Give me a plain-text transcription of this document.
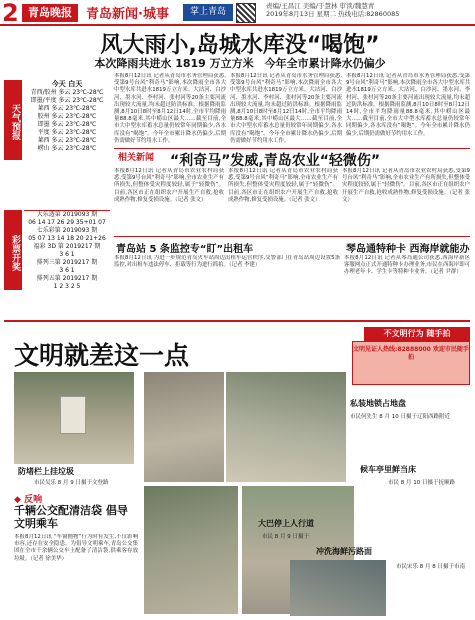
2 青岛晚报	青岛新闻·城事	掌上青岛
责编/王昌江 美编/于慧林 审读/魏慧青
2019年8月13日 星期二 热线电话:82860085
风大雨小,岛城水库没“喝饱”
本次降雨共进水 1819 万立方米　今年全市累计降水仍偏少
天气预报
今天 白天
青西/胶州 多云 23℃-28℃
即墨/平度 多云 23℃-28℃
莱西 多云 23℃-28℃
胶州 多云 23℃-28℃
即墨 多云 23℃-28℃
平度 多云 23℃-28℃
莱西 多云 23℃-28℃
崂山 多云 23℃-28℃
彩票开奖
大乐透第 2019093 期
06 14 17 26 29 35+01 07
七乐彩第 2019093 期
05 07 13 14 18 20 21+26
福彩 3D 第 2019217 期
3 6 1
排列三第 2019217 期
3 6 1
排列五第 2019217 期
1 2 3 2 5
本报8月12日讯 记者从青岛市水务管理局获悉,受第9号台风“利奇马”影响,本次降雨全市各大中型水库共进水1819万立方米。大沽河、白沙河、墨水河、李村河、张村河等20条主要河流出现较大流量,均未超过防洪标准。根据降雨监测,8月10日8时至8月12日14时,全市平均降雨量88.8毫米,其中崂山区最大……截至目前,全市大中型水库蓄水总量仍较常年同期偏少,各水库没有“喝饱”。今年全市累计降水仍偏少,后期仍需做好节约用水工作。
本报8月12日讯 记者从青岛市水务管理局获悉,受第9号台风“利奇马”影响,本次降雨全市各大中型水库共进水1819万立方米。大沽河、白沙河、墨水河、李村河、张村河等20条主要河流出现较大流量,均未超过防洪标准。根据降雨监测,8月10日8时至8月12日14时,全市平均降雨量88.8毫米,其中崂山区最大……截至目前,全市大中型水库蓄水总量仍较常年同期偏少,各水库没有“喝饱”。今年全市累计降水仍偏少,后期仍需做好节约用水工作。
本报8月12日讯 记者从青岛市水务管理局获悉,受第9号台风“利奇马”影响,本次降雨全市各大中型水库共进水1819万立方米。大沽河、白沙河、墨水河、李村河、张村河等20条主要河流出现较大流量,均未超过防洪标准。根据降雨监测,8月10日8时至8月12日14时,全市平均降雨量88.8毫米,其中崂山区最大……截至目前,全市大中型水库蓄水总量仍较常年同期偏少,各水库没有“喝饱”。今年全市累计降水仍偏少,后期仍需做好节约用水工作。
相关新闻 “利奇马”发威,青岛农业“轻微伤”
本报8月12日讯 记者从青岛市农业农村局获悉,受第9号台风“利奇马”影响,全市农业生产有所损失,但整体受灾程度较轻,属于“轻微伤”。目前,各区市正在组织农户开展生产自救,抢收成熟作物,修复受损设施。（记者 张文）
本报8月12日讯 记者从青岛市农业农村局获悉,受第9号台风“利奇马”影响,全市农业生产有所损失,但整体受灾程度较轻,属于“轻微伤”。目前,各区市正在组织农户开展生产自救,抢收成熟作物,修复受损设施。（记者 张文）
本报8月12日讯 记者从青岛市农业农村局获悉,受第9号台风“利奇马”影响,全市农业生产有所损失,但整体受灾程度较轻,属于“轻微伤”。目前,各区市正在组织农户开展生产自救,抢收成熟作物,修复受损设施。（记者 张文）
青岛站 5 条监控专“盯”出租车
本报8月12日讯 为进一步规范青岛火车站周边出租车运营秩序,交警部门在青岛站周边设置5条监控,对出租车违法停车、拒载等行为进行抓拍。（记者 李建）
琴岛通特种卡 西海岸就能办
本报8月12日讯 记者从琴岛通公司获悉,西海岸新区客服网点正式开通特种卡办理业务,市民在西海岸即可办理老年卡、学生卡等特种卡业务。（记者 尹群）
不文明行为 随手拍
文明见证人热线:82888000 欢迎市民随手拍
文明就差这一点
防堵栏上挂垃圾
市民吴乐 8 月 9 日摄于文登路
◆ 反响
千辆公交配清洁袋 倡导文明乘车
本报8月12日讯 “车窗抛物”行为时有发生,不仅影响市容,还存在安全隐患。为倡导文明乘车,青岛公交集团在全市千余辆公交车上配备了清洁袋,供乘客存放垃圾。（记者 徐美华）
私装地锁占地盘
市民何先生 8 月 10 日摄于辽阳西路附近
候车亭里鲜当床
市民 8 月 10 日摄于抚顺路
大巴停上人行道
市民 8 月 9 日摄于
冲洗海鲜污路面
市民宋乐 8 月 8 日摄于市南
